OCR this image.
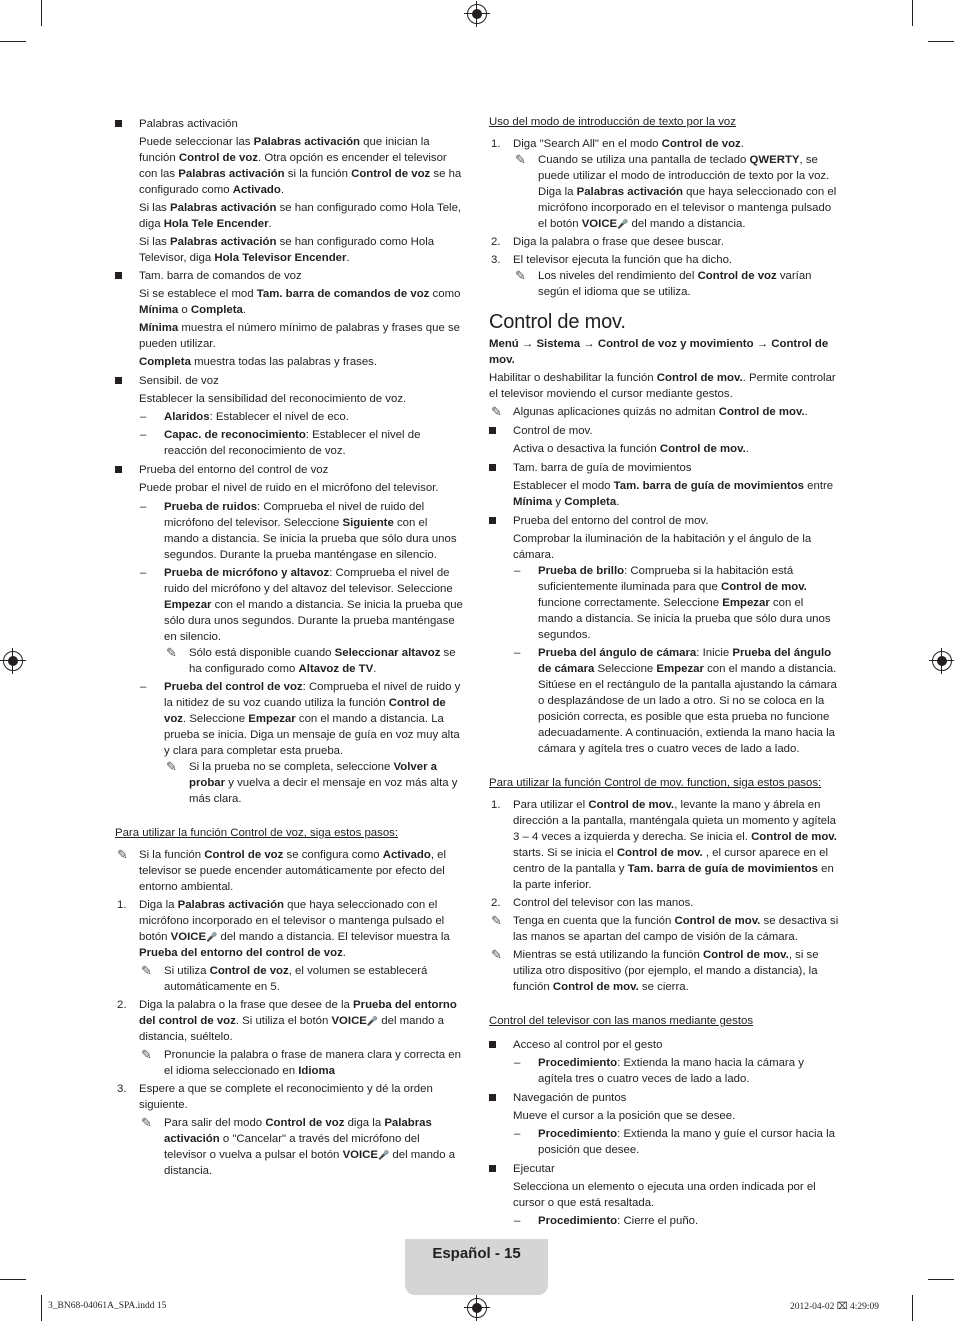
Palabras activación
Puede seleccionar las Palabras activación que inician la función Control de voz. Otra opción es encender el televisor con las Palabras activación si la función Control de voz se ha configurado como Activado.
Si las Palabras activación se han configurado como Hola Tele, diga Hola Tele Encender.
Si las Palabras activación se han configurado como Hola Televisor, diga Hola Televisor Encender.
Tam. barra de comandos de voz
Si se establece el mod Tam. barra de comandos de voz como Mínima o Completa.
Mínima muestra el número mínimo de palabras y frases que se pueden utilizar.
Completa muestra todas las palabras y frases.
Sensibil. de voz
Establecer la sensibilidad del reconocimiento de voz.
– Alaridos: Establecer el nivel de eco.
– Capac. de reconocimiento: Establecer el nivel de reacción del reconocimiento de voz.
Prueba del entorno del control de voz
Puede probar el nivel de ruido en el micrófono del televisor.
– Prueba de ruidos: Comprueba el nivel de ruido del micrófono del televisor. Seleccione Siguiente con el mando a distancia. Se inicia la prueba que sólo dura unos segundos. Durante la prueba manténgase en silencio.
– Prueba de micrófono y altavoz: Comprueba el nivel de ruido del micrófono y del altavoz del televisor. Seleccione Empezar con el mando a distancia. Se inicia la prueba que sólo dura unos segundos. Durante la prueba manténgase en silencio.
✎ Sólo está disponible cuando Seleccionar altavoz se ha configurado como Altavoz de TV.
– Prueba del control de voz: Comprueba el nivel de ruido y la nitidez de su voz cuando utiliza la función Control de voz. Seleccione Empezar con el mando a distancia. La prueba se inicia. Diga un mensaje de guía en voz muy alta y clara para completar esta prueba.
✎ Si la prueba no se completa, seleccione Volver a probar y vuelva a decir el mensaje en voz más alta y más clara.
Para utilizar la función Control de voz, siga estos pasos:
✎ Si la función Control de voz se configura como Activado, el televisor se puede encender automáticamente por efecto del entorno ambiental.
1. Diga la Palabras activación que haya seleccionado con el micrófono incorporado en el televisor o mantenga pulsado el botón VOICE🎤 del mando a distancia. El televisor muestra la Prueba del entorno del control de voz.
✎ Si utiliza Control de voz, el volumen se establecerá automáticamente en 5.
2. Diga la palabra o la frase que desee de la Prueba del entorno del control de voz. Si utiliza el botón VOICE🎤 del mando a distancia, suéltelo.
✎ Pronuncie la palabra o frase de manera clara y correcta en el idioma seleccionado en Idioma
3. Espere a que se complete el reconocimiento y dé la orden siguiente.
✎ Para salir del modo Control de voz diga la Palabras activación o "Cancelar" a través del micrófono del televisor o vuelva a pulsar el botón VOICE🎤 del mando a distancia.
Uso del modo de introducción de texto por la voz
1. Diga "Search All" en el modo Control de voz.
✎ Cuando se utiliza una pantalla de teclado QWERTY, se puede utilizar el modo de introducción de texto por la voz. Diga la Palabras activación que haya seleccionado con el micrófono incorporado en el televisor o mantenga pulsado el botón VOICE🎤 del mando a distancia.
2. Diga la palabra o frase que desee buscar.
3. El televisor ejecuta la función que ha dicho.
✎ Los niveles del rendimiento del Control de voz varían según el idioma que se utiliza.
Control de mov.
Menú → Sistema → Control de voz y movimiento → Control de mov.
Habilitar o deshabilitar la función Control de mov.. Permite controlar el televisor moviendo el cursor mediante gestos.
✎ Algunas aplicaciones quizás no admitan Control de mov..
Control de mov.
Activa o desactiva la función Control de mov..
Tam. barra de guía de movimientos
Establecer el modo Tam. barra de guía de movimientos entre Mínima y Completa.
Prueba del entorno del control de mov.
Comprobar la iluminación de la habitación y el ángulo de la cámara.
– Prueba de brillo: Comprueba si la habitación está suficientemente iluminada para que Control de mov. funcione correctamente. Seleccione Empezar con el mando a distancia. Se inicia la prueba que sólo dura unos segundos.
– Prueba del ángulo de cámara: Inicie Prueba del ángulo de cámara Seleccione Empezar con el mando a distancia. Sitúese en el rectángulo de la pantalla ajustando la cámara o desplazándose de un lado a otro. Si no se coloca en la posición correcta, es posible que esta prueba no funcione adecuadamente. A continuación, extienda la mano hacia la cámara y agítela tres o cuatro veces de lado a lado.
Para utilizar la función Control de mov. function, siga estos pasos:
1. Para utilizar el Control de mov., levante la mano y ábrela en dirección a la pantalla, manténgala quieta un momento y agítela 3 – 4 veces a izquierda y derecha. Se inicia el. Control de mov. starts. Si se inicia el Control de mov. , el cursor aparece en el centro de la pantalla y Tam. barra de guía de movimientos en la parte inferior.
2. Control del televisor con las manos.
✎ Tenga en cuenta que la función Control de mov. se desactiva si las manos se apartan del campo de visión de la cámara.
✎ Mientras se está utilizando la función Control de mov., si se utiliza otro dispositivo (por ejemplo, el mando a distancia), la función Control de mov. se cierra.
Control del televisor con las manos mediante gestos
Acceso al control por el gesto
– Procedimiento: Extienda la mano hacia la cámara y agítela tres o cuatro veces de lado a lado.
Navegación de puntos
Mueve el cursor a la posición que se desee.
– Procedimiento: Extienda la mano y guíe el cursor hacia la posición que desee.
Ejecutar
Selecciona un elemento o ejecuta una orden indicada por el cursor o que está resaltada.
– Procedimiento: Cierre el puño.
Español - 15
3_BN68-04061A_SPA.indd 15	2012-04-02 ⌧ 4:29:09
